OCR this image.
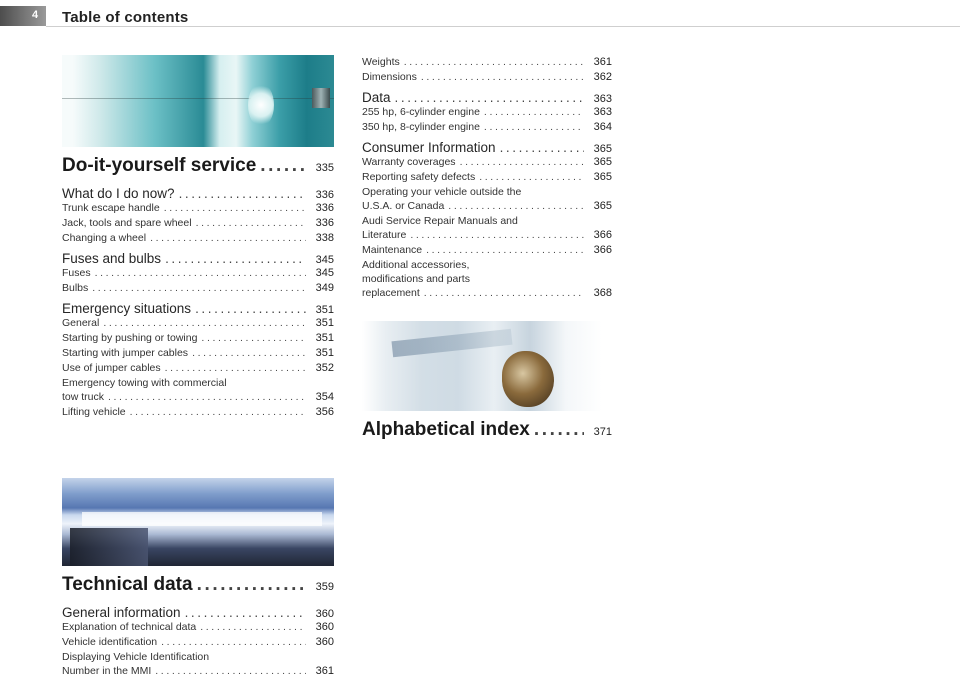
4 Table of contents
Do-it-yourself service .....	335
What do I do now? .....	336
Trunk escape handle .....	336
Jack, tools and spare wheel .....	336
Changing a wheel .....	338
Fuses and bulbs .....	345
Fuses .....	345
Bulbs .....	349
Emergency situations .....	351
General .....	351
Starting by pushing or towing .....	351
Starting with jumper cables .....	351
Use of jumper cables .....	352
Emergency towing with commercial
tow truck .....	354
Lifting vehicle .....	356
Technical data .....	359
General information .....	360
Explanation of technical data .....	360
Vehicle identification .....	360
Displaying Vehicle Identification
Number in the MMI .....	361
Weights .....	361
Dimensions .....	362
Data .....	363
255 hp, 6-cylinder engine .....	363
350 hp, 8-cylinder engine .....	364
Consumer Information .....	365
Warranty coverages .....	365
Reporting safety defects .....	365
Operating your vehicle outside the
U.S.A. or Canada .....	365
Audi Service Repair Manuals and
Literature .....	366
Maintenance .....	366
Additional accessories,
modifications and parts
replacement .....	368
Alphabetical index .....	371
